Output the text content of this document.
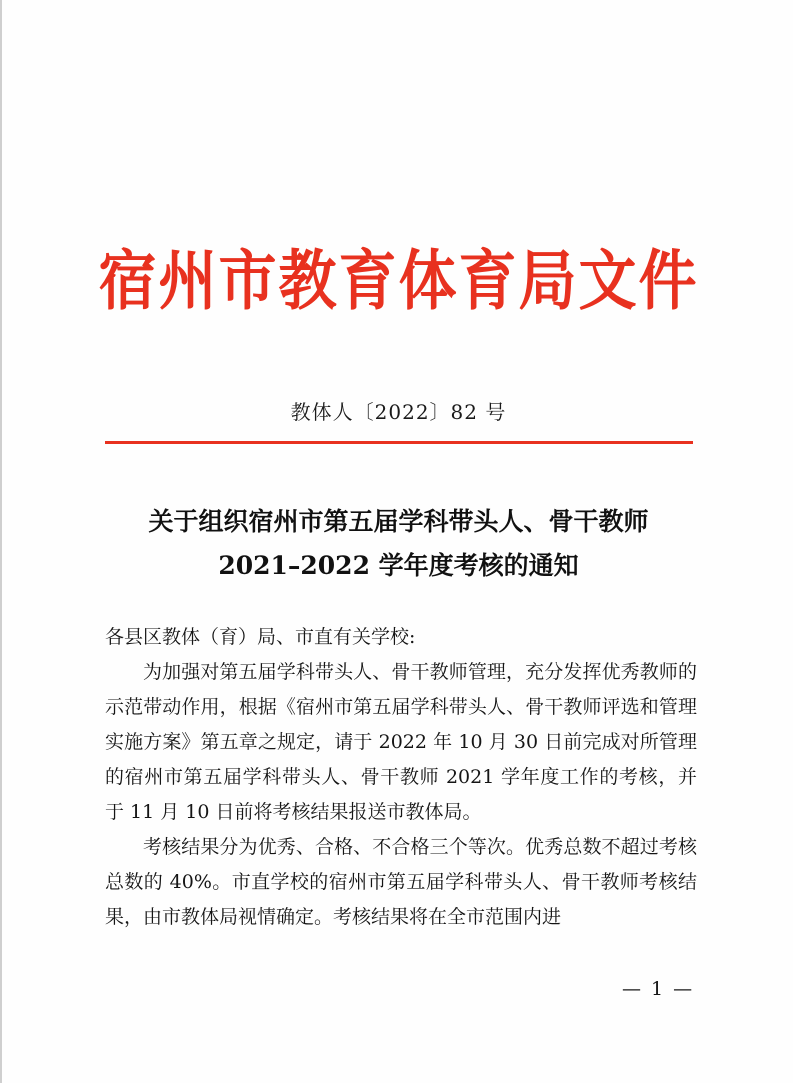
宿州市教育体育局文件
教体人〔2022〕82 号
关于组织宿州市第五届学科带头人、骨干教师
2021–2022 学年度考核的通知

各县区教体（育）局、市直有关学校:

为加强对第五届学科带头人、骨干教师管理，充分发挥优秀教师的示范带动作用，根据《宿州市第五届学科带头人、骨干教师评选和管理实施方案》第五章之规定，请于 2022 年 10 月 30 日前完成对所管理的宿州市第五届学科带头人、骨干教师 2021 学年度工作的考核，并于 11 月 10 日前将考核结果报送市教体局。

考核结果分为优秀、合格、不合格三个等次。优秀总数不超过考核总数的 40%。市直学校的宿州市第五届学科带头人、骨干教师考核结果，由市教体局视情确定。考核结果将在全市范围内进

— 1 —
